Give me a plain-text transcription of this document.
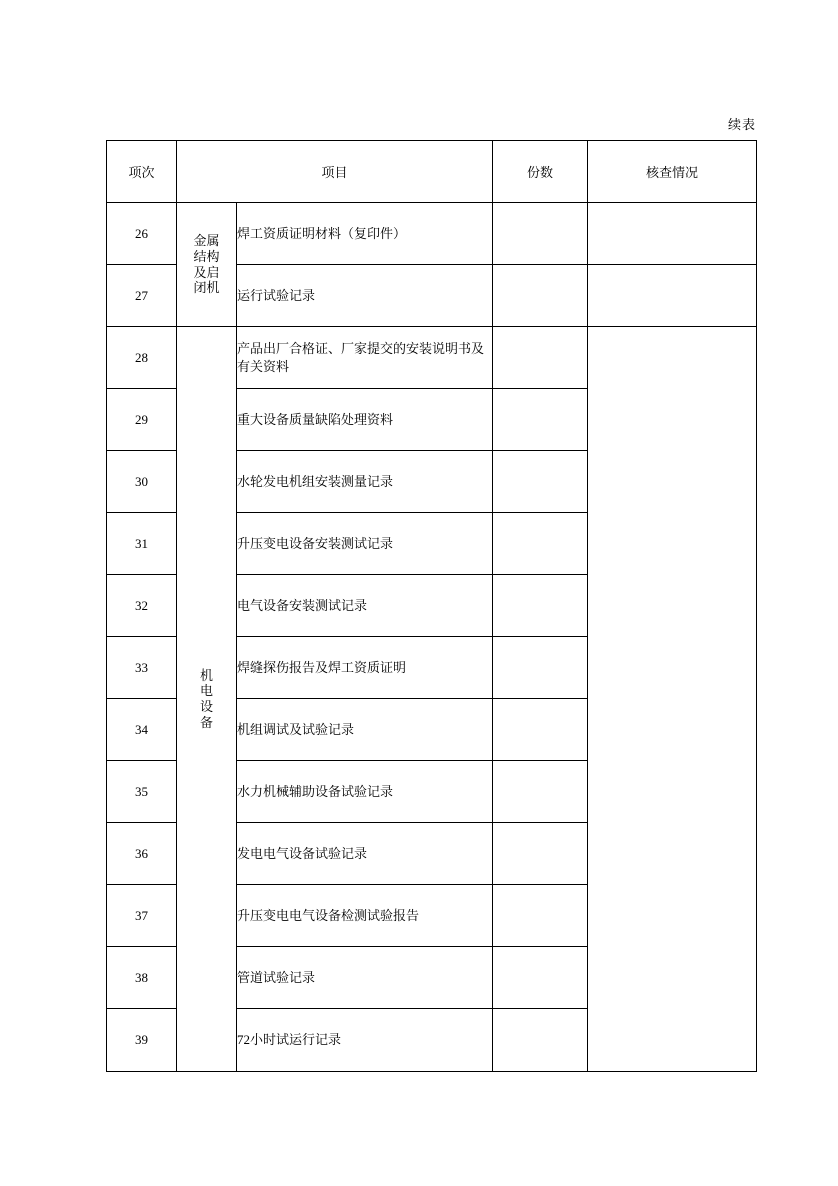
续表
项次	项目		份数	核查情况
26	金属结构及启闭机	焊工资质证明材料（复印件）		
27		运行试验记录		
28	机电设备	产品出厂合格证、厂家提交的安装说明书及有关资料		
29		重大设备质量缺陷处理资料		
30		水轮发电机组安装测量记录		
31		升压变电设备安装测试记录		
32		电气设备安装测试记录		
33		焊缝探伤报告及焊工资质证明		
34		机组调试及试验记录		
35		水力机械辅助设备试验记录		
36		发电电气设备试验记录		
37		升压变电电气设备检测试验报告		
38		管道试验记录		
39		72小时试运行记录		
